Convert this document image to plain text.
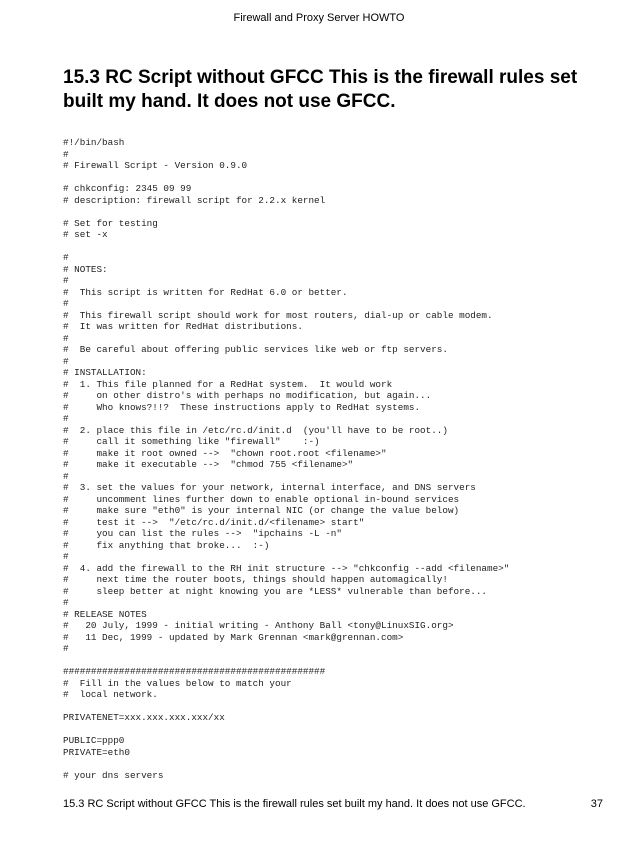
Firewall and Proxy Server HOWTO
15.3 RC Script without GFCC This is the firewall rules set built my hand. It does not use GFCC.
#!/bin/bash
#
# Firewall Script - Version 0.9.0

# chkconfig: 2345 09 99
# description: firewall script for 2.2.x kernel

# Set for testing
# set -x

#
# NOTES:
#
#  This script is written for RedHat 6.0 or better.
#
#  This firewall script should work for most routers, dial-up or cable modem.
#  It was written for RedHat distributions.
#
#  Be careful about offering public services like web or ftp servers.
#
# INSTALLATION:
#  1. This file planned for a RedHat system.  It would work
#     on other distro's with perhaps no modification, but again...
#     Who knows?!!?  These instructions apply to RedHat systems.
#
#  2. place this file in /etc/rc.d/init.d  (you'll have to be root..)
#     call it something like "firewall"    :-)
#     make it root owned -->  "chown root.root <filename>"
#     make it executable -->  "chmod 755 <filename>"
#
#  3. set the values for your network, internal interface, and DNS servers
#     uncomment lines further down to enable optional in-bound services
#     make sure "eth0" is your internal NIC (or change the value below)
#     test it -->  "/etc/rc.d/init.d/<filename> start"
#     you can list the rules -->  "ipchains -L -n"
#     fix anything that broke...  :-)
#
#  4. add the firewall to the RH init structure --> "chkconfig --add <filename>"
#     next time the router boots, things should happen automagically!
#     sleep better at night knowing you are *LESS* vulnerable than before...
#
# RELEASE NOTES
#   20 July, 1999 - initial writing - Anthony Ball <tony@LinuxSIG.org>
#   11 Dec, 1999 - updated by Mark Grennan <mark@grennan.com>
#

###############################################
#  Fill in the values below to match your
#  local network.

PRIVATENET=xxx.xxx.xxx.xxx/xx

PUBLIC=ppp0
PRIVATE=eth0

# your dns servers

15.3 RC Script without GFCC This is the firewall rules set built my hand. It does not use GFCC.	37
